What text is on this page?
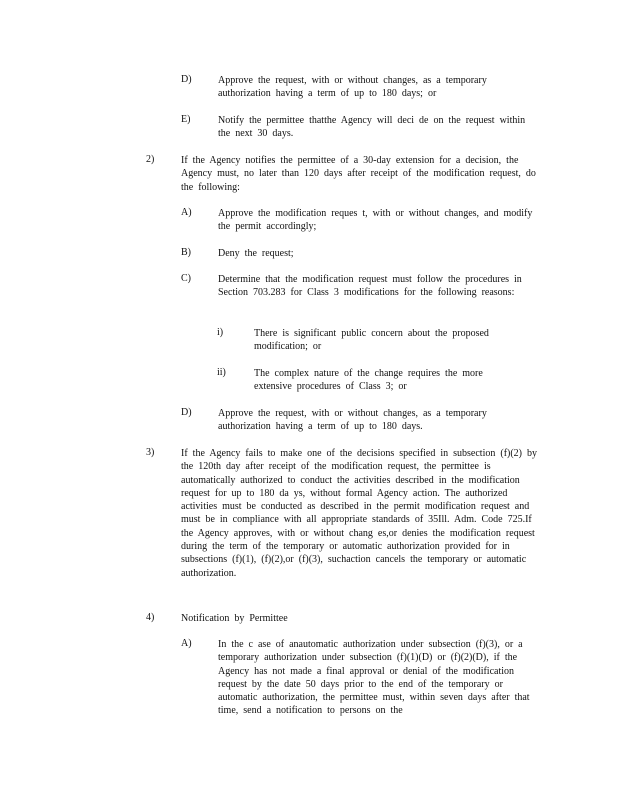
D)	Approve the request, with or without changes, as a temporary authorization having a term of up to 180 days; or
E)	Notify the permittee thatthe Agency will deci de on the request within the next 30 days.
2)	If the Agency notifies the permittee of a 30-day extension for a decision, the Agency must, no later than 120 days after receipt of the modification request, do the following:
A)	Approve the modification reques t, with or without changes, and modify the permit accordingly;
B)	Deny the request;
C)	Determine that the modification request must follow the procedures in Section 703.283 for Class 3 modifications for the following reasons:
i)	There is significant public concern about the proposed modification; or
ii)	The complex nature of the change requires the more extensive procedures of Class 3; or
D)	Approve the request, with or without changes, as a temporary authorization having a term of up to 180 days.
3)	If the Agency fails to make one of the decisions specified in subsection (f)(2) by the 120th day after receipt of the modification request, the permittee is automatically authorized to conduct the activities described in the modification request for up to 180 da ys, without formal Agency action. The authorized activities must be conducted as described in the permit modification request and must be in compliance with all appropriate standards of 35Ill. Adm. Code 725.If the Agency approves, with or without chang es,or denies the modification request during the term of the temporary or automatic authorization provided for in subsections (f)(1), (f)(2),or (f)(3), suchaction cancels the temporary or automatic authorization.
4)	Notification by Permittee
A)	In the c ase of anautomatic authorization under subsection (f)(3), or a temporary authorization under subsection (f)(1)(D) or (f)(2)(D), if the Agency has not made a final approval or denial of the modification request by the date 50 days prior to the end of the temporary or automatic authorization, the permittee must, within seven days after that time, send a notification to persons on the
